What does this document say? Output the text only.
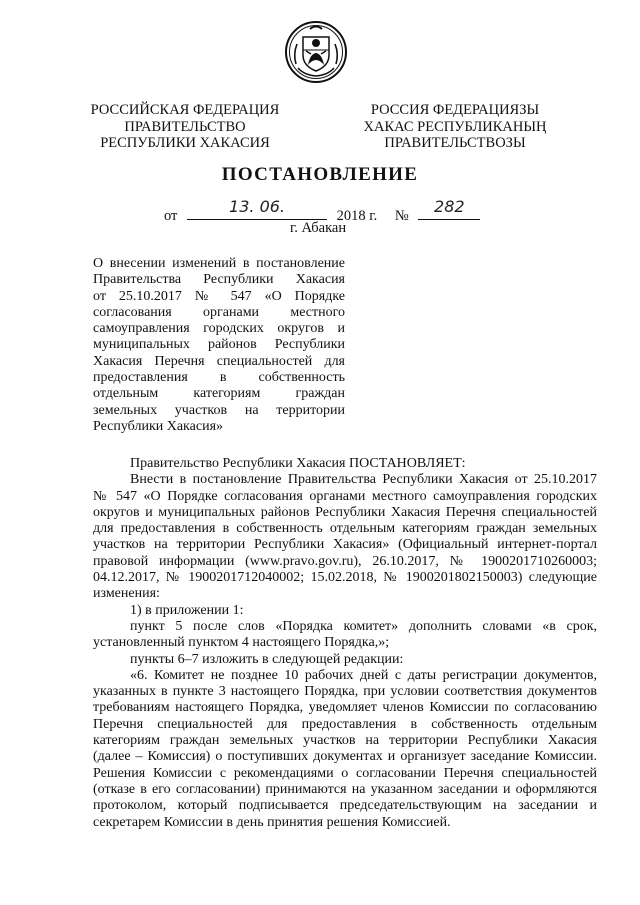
РОССИЙСКАЯ ФЕДЕРАЦИЯ
ПРАВИТЕЛЬСТВО
РЕСПУБЛИКИ ХАКАСИЯ
РОССИЯ ФЕДЕРАЦИЯЗЫ
ХАКАС РЕСПУБЛИКАНЫҢ
ПРАВИТЕЛЬСТВОЗЫ
ПОСТАНОВЛЕНИЕ
от	13. 06.	2018 г. №	282
г. Абакан
О внесении изменений в постановление
Правительства Республики Хакасия
от 25.10.2017 № 547 «О Порядке
согласования органами местного
самоуправления городских округов и
муниципальных районов Республики
Хакасия Перечня специальностей для
предоставления в собственность
отдельным категориям граждан
земельных участков на территории
Республики Хакасия»
Правительство Республики Хакасия ПОСТАНОВЛЯЕТ:
Внести в постановление Правительства Республики Хакасия от 25.10.2017
№ 547 «О Порядке согласования органами местного самоуправления городских
округов и муниципальных районов Республики Хакасия Перечня специальностей
для предоставления в собственность отдельным категориям граждан земельных
участков на территории Республики Хакасия» (Официальный интернет-портал
правовой информации (www.pravo.gov.ru), 26.10.2017, № 1900201710260003;
04.12.2017, № 1900201712040002; 15.02.2018, № 1900201802150003) следующие
изменения:
1) в приложении 1:
пункт 5 после слов «Порядка комитет» дополнить словами «в срок,
установленный пунктом 4 настоящего Порядка,»;
пункты 6–7 изложить в следующей редакции:
«6. Комитет не позднее 10 рабочих дней с даты регистрации документов,
указанных в пункте 3 настоящего Порядка, при условии соответствия документов
требованиям настоящего Порядка, уведомляет членов Комиссии по согласованию
Перечня специальностей для предоставления в собственность отдельным
категориям граждан земельных участков на территории Республики Хакасия
(далее – Комиссия) о поступивших документах и организует заседание Комиссии.
Решения Комиссии с рекомендациями о согласовании Перечня специальностей
(отказе в его согласовании) принимаются на указанном заседании и оформляются
протоколом, который подписывается председательствующим на заседании и
секретарем Комиссии в день принятия решения Комиссией.
